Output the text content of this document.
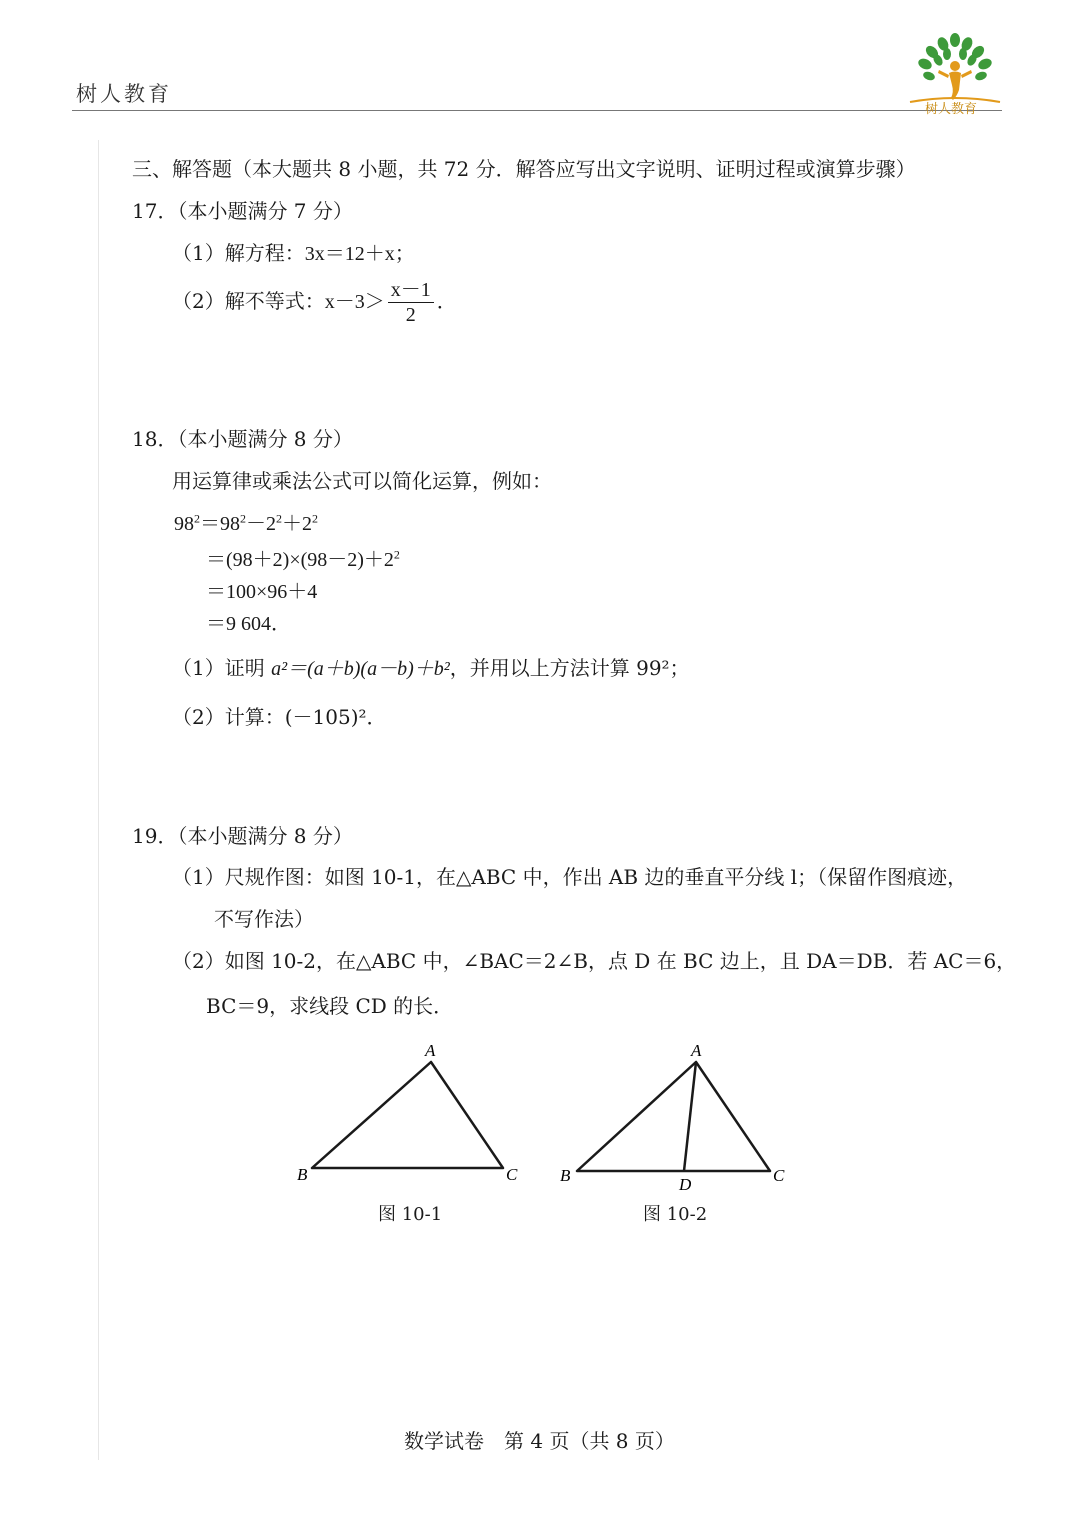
树人教育
树人教育
三、解答题（本大题共 8 小题，共 72 分．解答应写出文字说明、证明过程或演算步骤）
17．（本小题满分 7 分）
（1）解方程：3x＝12＋x；
（2）解不等式：$x-3> \frac{x-1}{2}$ ．
18．（本小题满分 8 分）
用运算律或乘法公式可以简化运算，例如：
$98^2=98^2-2^2+2^2$
$=(98+2)\times(98-2)+2^2$
＝100×96＋4
＝9 604．
（1）证明 a²＝(a＋b)(a－b)＋b²，并用以上方法计算 99²；
（2）计算：(－105)²．
19．（本小题满分 8 分）
（1）尺规作图：如图 10-1，在△ABC 中，作出 AB 边的垂直平分线 l；（保留作图痕迹，
不写作法）
（2）如图 10-2，在△ABC 中，∠BAC＝2∠B，点 D 在 BC 边上，且 DA＝DB．若 AC＝6，
BC＝9，求线段 CD 的长．
A
B	C
图 10-1
A
B	C
D
图 10-2
数学试卷　第 4 页（共 8 页）
